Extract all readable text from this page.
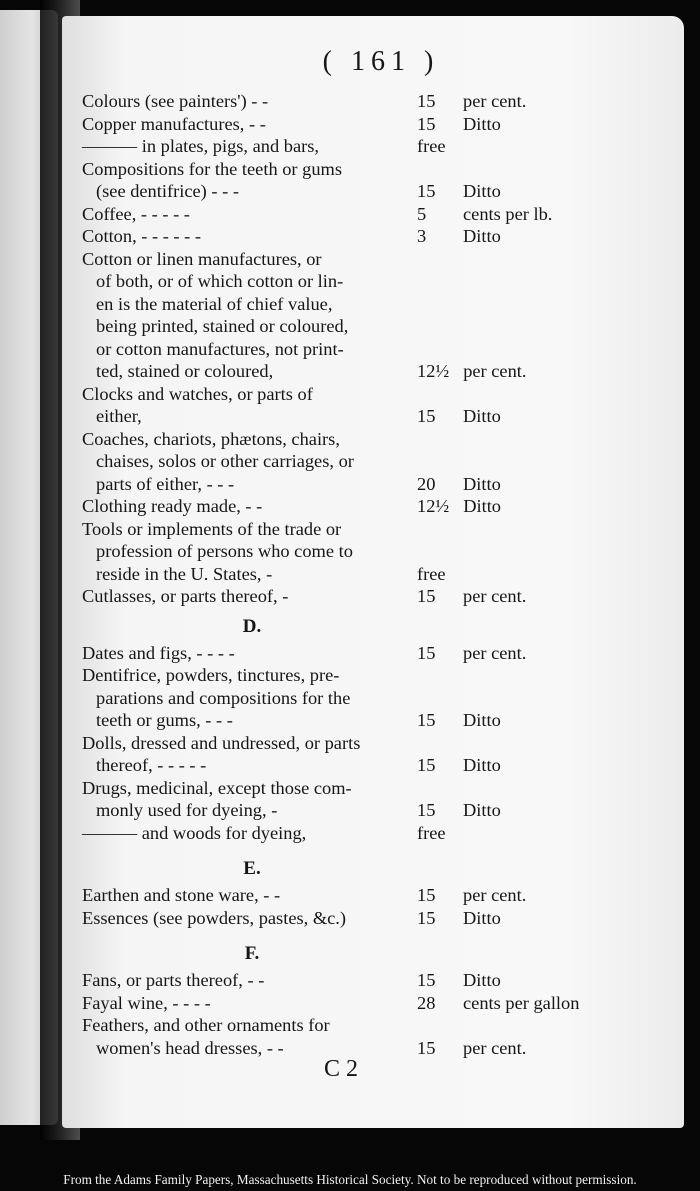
( 161 )
Colours (see painters') - -	15 per cent.
Copper manufactures, - -	15 Ditto
——— in plates, pigs, and bars,	free
Compositions for the teeth or gums
(see dentifrice) - - -	15 Ditto
Coffee, - - - - -	5 cents per lb.
Cotton, - - - - - -	3 Ditto
Cotton or linen manufactures, or
of both, or of which cotton or lin-
en is the material of chief value,
being printed, stained or coloured,
or cotton manufactures, not print-
ted, stained or coloured,	12½ per cent.
Clocks and watches, or parts of
either,	15 Ditto
Coaches, chariots, phætons, chairs,
chaises, solos or other carriages, or
parts of either, - - -	20 Ditto
Clothing ready made, - -	12½ Ditto
Tools or implements of the trade or
profession of persons who come to
reside in the U. States, -	free
Cutlasses, or parts thereof, -	15 per cent.
D.
Dates and figs, - - - -	15 per cent.
Dentifrice, powders, tinctures, pre-
parations and compositions for the
teeth or gums, - - -	15 Ditto
Dolls, dressed and undressed, or parts
thereof, - - - - -	15 Ditto
Drugs, medicinal, except those com-
monly used for dyeing, -	15 Ditto
——— and woods for dyeing,	free
E.
Earthen and stone ware, - -	15 per cent.
Essences (see powders, pastes, &c.)	15 Ditto
F.
Fans, or parts thereof, - -	15 Ditto
Fayal wine, - - - -	28 cents per gallon
Feathers, and other ornaments for
women's head dresses, - -	15 per cent.
C 2
From the Adams Family Papers, Massachusetts Historical Society. Not to be reproduced without permission.
